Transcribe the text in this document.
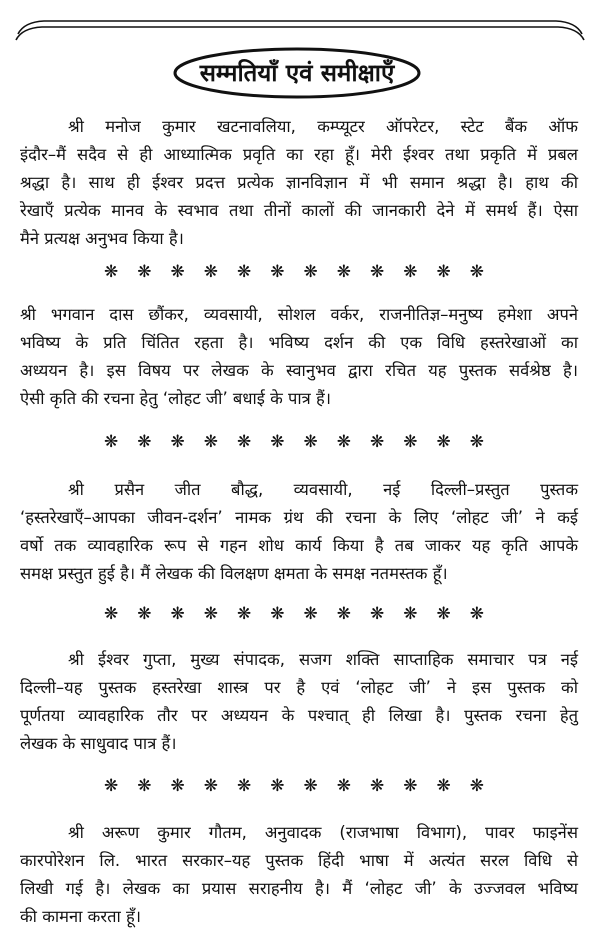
सम्मतियाँ एवं समीक्षाएँ
श्री मनोज कुमार खटनावलिया, कम्प्यूटर ऑपरेटर, स्टेट बैंक ऑफ
इंदौर–मैं सदैव से ही आध्यात्मिक प्रवृति का रहा हूँ। मेरी ईश्वर तथा प्रकृति में प्रबल
श्रद्धा है। साथ ही ईश्वर प्रदत्त प्रत्येक ज्ञानविज्ञान में भी समान श्रद्धा है। हाथ की
रेखाएँ प्रत्येक मानव के स्वभाव तथा तीनों कालों की जानकारी देने में समर्थ हैं। ऐसा
मैने प्रत्यक्ष अनुभव किया है।
❋ ❋ ❋ ❋ ❋ ❋ ❋ ❋ ❋ ❋ ❋ ❋
श्री भगवान दास छौंकर, व्यवसायी, सोशल वर्कर, राजनीतिज्ञ–मनुष्य हमेशा अपने
भविष्य के प्रति चिंतित रहता है। भविष्य दर्शन की एक विधि हस्तरेखाओं का
अध्ययन है। इस विषय पर लेखक के स्वानुभव द्वारा रचित यह पुस्तक सर्वश्रेष्ठ है।
ऐसी कृति की रचना हेतु ‘लोहट जी’ बधाई के पात्र हैं।
❋ ❋ ❋ ❋ ❋ ❋ ❋ ❋ ❋ ❋ ❋ ❋
श्री प्रसैन जीत बौद्ध, व्यवसायी, नई दिल्ली–प्रस्तुत पुस्तक
‘हस्तरेखाएँ–आपका जीवन-दर्शन’ नामक ग्रंथ की रचना के लिए ‘लोहट जी’ ने कई
वर्षो तक व्यावहारिक रूप से गहन शोध कार्य किया है तब जाकर यह कृति आपके
समक्ष प्रस्तुत हुई है। मैं लेखक की विलक्षण क्षमता के समक्ष नतमस्तक हूँ।
❋ ❋ ❋ ❋ ❋ ❋ ❋ ❋ ❋ ❋ ❋ ❋
श्री ईश्वर गुप्ता, मुख्य संपादक, सजग शक्ति साप्ताहिक समाचार पत्र नई
दिल्ली–यह पुस्तक हस्तरेखा शास्त्र पर है एवं ‘लोहट जी’ ने इस पुस्तक को
पूर्णतया व्यावहारिक तौर पर अध्ययन के पश्चात् ही लिखा है। पुस्तक रचना हेतु
लेखक के साधुवाद पात्र हैं।
❋ ❋ ❋ ❋ ❋ ❋ ❋ ❋ ❋ ❋ ❋ ❋
श्री अरूण कुमार गौतम, अनुवादक (राजभाषा विभाग), पावर फाइनेंस
कारपोरेशन लि. भारत सरकार–यह पुस्तक हिंदी भाषा में अत्यंत सरल विधि से
लिखी गई है। लेखक का प्रयास सराहनीय है। मैं ‘लोहट जी’ के उज्जवल भविष्य
की कामना करता हूँ।
